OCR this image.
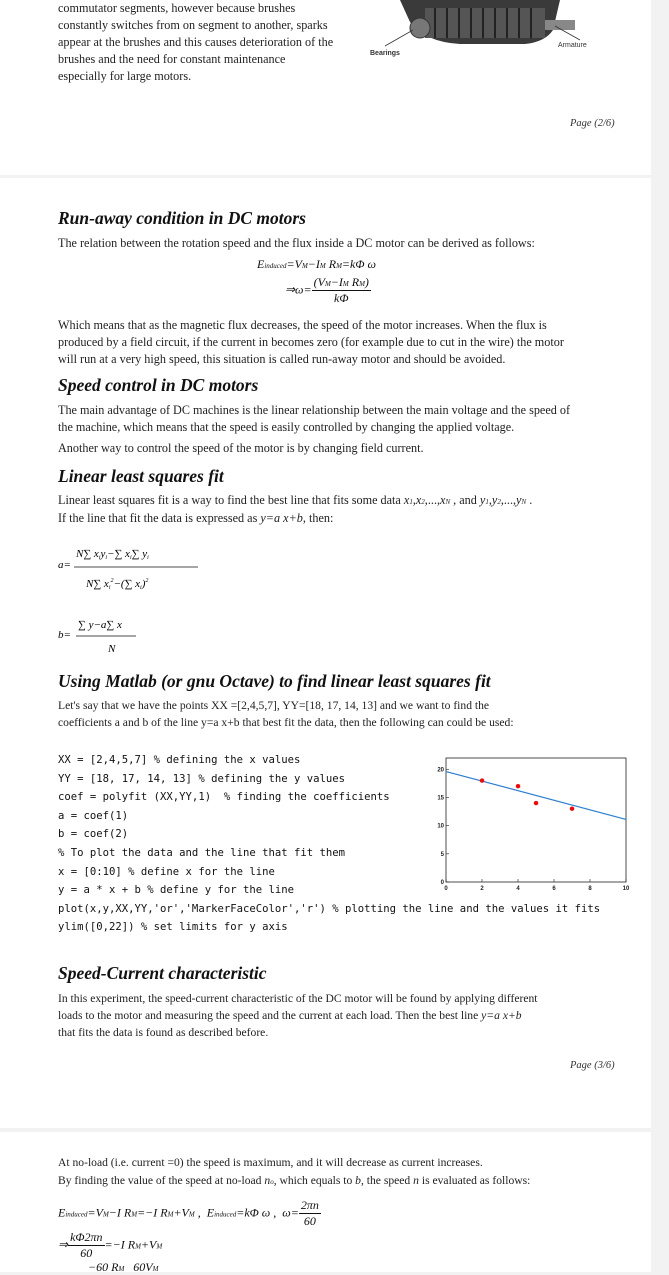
commutator segments, however because brushes
constantly switches from on segment to another, sparks
appear at the brushes and this causes deterioration of the
brushes and the need for constant maintenance
especially for large motors.
Bearings
Armature
Page (2/6)
Run-away condition in DC motors
The relation between the rotation speed and the flux inside a DC motor can be derived as follows:
Einduced=VM−IM RM=kΦ ω
⇒ω= $\frac{\text{(VM−IM RM)}}{k\Phi}$
Which means that as the magnetic flux decreases, the speed of the motor increases. When the flux is
produced by a field circuit, if the current in becomes zero (for example due to cut in the wire) the motor
will run at a very high speed, this situation is called run-away motor and should be avoided.
Speed control in DC motors
The main advantage of DC machines is the linear relationship between the main voltage and the speed of
the machine, which means that the speed is easily controlled by changing the applied voltage.
Another way to control the speed of the motor is by changing field current.
Linear least squares fit
Linear least squares fit is a way to find the best line that fits some data x1,x2,...,xN , and y1,y2,...,yN .
If the line that fit the data is expressed as y=a x+b, then:
a=
N∑ xiyi−∑ xi∑ yi
N∑ $xi^2-(\sum$ xi)$^2$
b=
∑ y−a∑ x
N
Using Matlab (or gnu Octave) to find linear least squares fit
Let's say that we have the points XX =[2,4,5,7], YY=[18, 17, 14, 13] and we want to find the
coefficients a and b of the line y=a x+b that best fit the data, then the following can could be used:
XX = [2,4,5,7] % defining the x values
YY = [18, 17, 14, 13] % defining the y values
coef = polyfit (XX,YY,1)  % finding the coefficients
a = coef(1)
b = coef(2)
% To plot the data and the line that fit them
x = [0:10] % define x for the line
y = a * x + b % define y for the line
plot(x,y,XX,YY,'or','MarkerFaceColor','r') % plotting the line and the values it fits
ylim([0,22]) % set limits for y axis
0
5
10
15
20
0	2	4	6	8	10
Speed-Current characteristic
In this experiment, the speed-current characteristic of the DC motor will be found by applying different
loads to the motor and measuring the speed and the current at each load. Then the best line y=a x+b
that fits the data is found as described before.
Page (3/6)
At no-load (i.e. current =0) the speed is maximum, and it will decrease as current increases.
By finding the value of the speed at no-load no, which equals to b, the speed n is evaluated as follows:
Einduced=VM−I RM=−I RM+VM ,  Einduced=kΦ ω ,  $\omega= \frac{2\pi n}{60}$
⇒ $\frac{k\Phi 2\pi n}{60} =-I$ RM+VM
−60 RM   60VM
